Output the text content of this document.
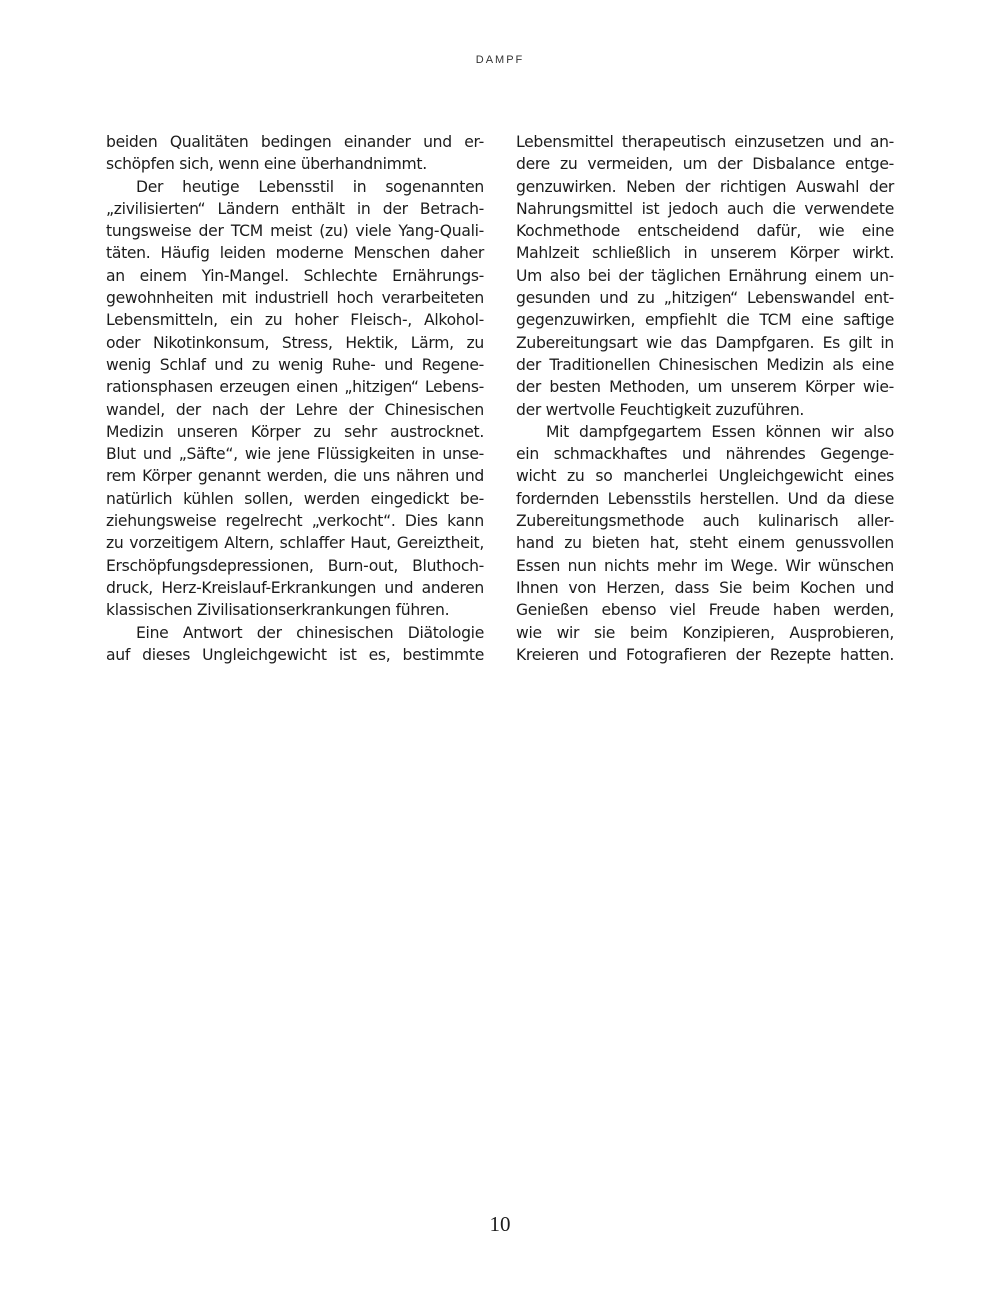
DAMPF
beiden Qualitäten bedingen einander und er-
schöpfen sich, wenn eine überhandnimmt.
Der heutige Lebensstil in sogenannten
„zivilisierten“ Ländern enthält in der Betrach-
tungsweise der TCM meist (zu) viele Yang-Quali-
täten. Häufig leiden moderne Menschen daher
an einem Yin-Mangel. Schlechte Ernährungs-
gewohnheiten mit industriell hoch verarbeiteten
Lebensmitteln, ein zu hoher Fleisch-, Alkohol-
oder Nikotinkonsum, Stress, Hektik, Lärm, zu
wenig Schlaf und zu wenig Ruhe- und Regene-
rationsphasen erzeugen einen „hitzigen“ Lebens-
wandel, der nach der Lehre der Chinesischen
Medizin unseren Körper zu sehr austrocknet.
Blut und „Säfte“, wie jene Flüssigkeiten in unse-
rem Körper genannt werden, die uns nähren und
natürlich kühlen sollen, werden eingedickt be-
ziehungsweise regelrecht „verkocht“. Dies kann
zu vorzeitigem Altern, schlaffer Haut, Gereiztheit,
Erschöpfungsdepressionen, Burn-out, Bluthoch-
druck, Herz-Kreislauf-Erkrankungen und anderen
klassischen Zivilisationserkrankungen führen.
Eine Antwort der chinesischen Diätologie
auf dieses Ungleichgewicht ist es, bestimmte
Lebensmittel therapeutisch einzusetzen und an-
dere zu vermeiden, um der Disbalance entge-
genzuwirken. Neben der richtigen Auswahl der
Nahrungsmittel ist jedoch auch die verwendete
Kochmethode entscheidend dafür, wie eine
Mahlzeit schließlich in unserem Körper wirkt.
Um also bei der täglichen Ernährung einem un-
gesunden und zu „hitzigen“ Lebenswandel ent-
gegenzuwirken, empfiehlt die TCM eine saftige
Zubereitungsart wie das Dampfgaren. Es gilt in
der Traditionellen Chinesischen Medizin als eine
der besten Methoden, um unserem Körper wie-
der wertvolle Feuchtigkeit zuzuführen.
Mit dampfgegartem Essen können wir also
ein schmackhaftes und nährendes Gegenge-
wicht zu so mancherlei Ungleichgewicht eines
fordernden Lebensstils herstellen. Und da diese
Zubereitungsmethode auch kulinarisch aller-
hand zu bieten hat, steht einem genussvollen
Essen nun nichts mehr im Wege. Wir wünschen
Ihnen von Herzen, dass Sie beim Kochen und
Genießen ebenso viel Freude haben werden,
wie wir sie beim Konzipieren, Ausprobieren,
Kreieren und Fotografieren der Rezepte hatten.
10
